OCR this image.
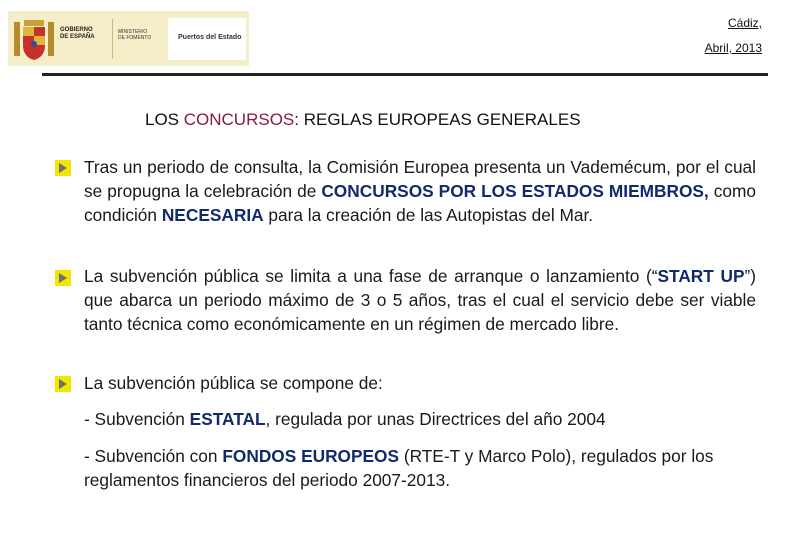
GOBIERNO
DE ESPAÑA
MINISTERIO
DE FOMENTO	Puertos del Estado
Cádiz,
Abril, 2013
LOS CONCURSOS: REGLAS EUROPEAS GENERALES
Tras un periodo de consulta, la Comisión Europea presenta un Vademécum, por el cual se propugna la celebración de CONCURSOS POR LOS ESTADOS MIEMBROS, como condición NECESARIA para la creación de las Autopistas del Mar.
La subvención pública se limita a una fase de arranque o lanzamiento (“START UP”) que abarca un periodo máximo de 3 o 5 años, tras el cual el servicio debe ser viable tanto técnica como económicamente en un régimen de mercado libre.
La subvención pública se compone de:
- Subvención ESTATAL, regulada por unas Directrices del año 2004
- Subvención con FONDOS EUROPEOS (RTE-T y Marco Polo), regulados por los reglamentos financieros del periodo 2007-2013.
